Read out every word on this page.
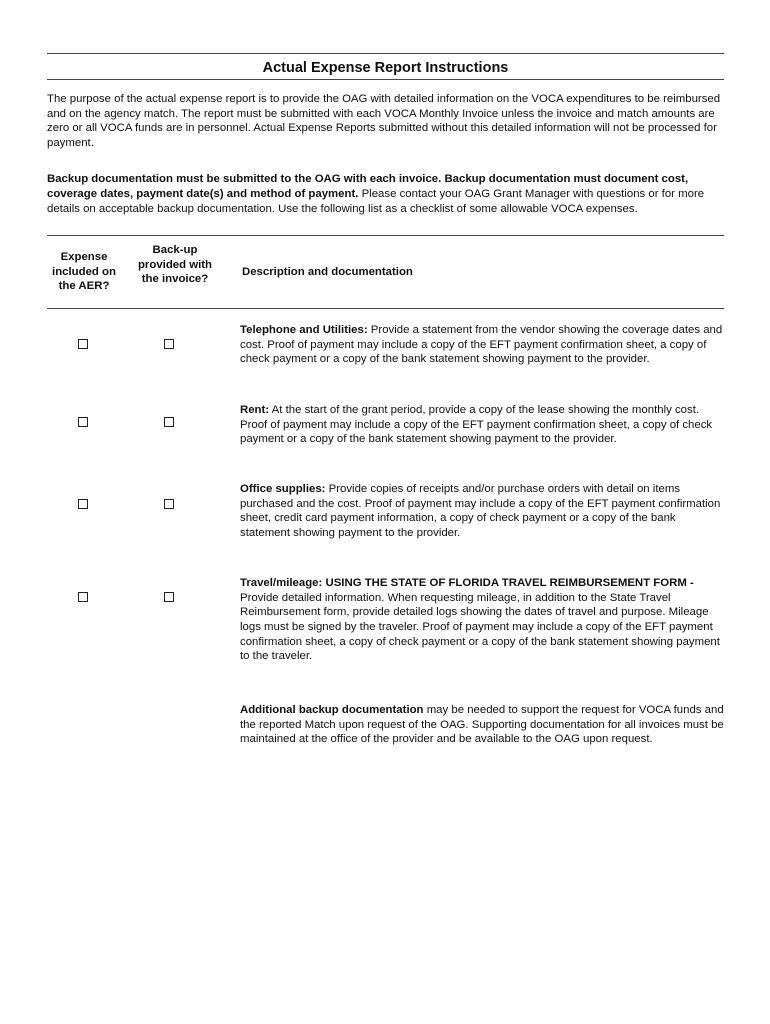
Actual Expense Report Instructions

The purpose of the actual expense report is to provide the OAG with detailed information on the VOCA expenditures to be reimbursed and on the agency match. The report must be submitted with each VOCA Monthly Invoice unless the invoice and match amounts are zero or all VOCA funds are in personnel. Actual Expense Reports submitted without this detailed information will not be processed for payment.

Backup documentation must be submitted to the OAG with each invoice. Backup documentation must document cost, coverage dates, payment date(s) and method of payment. Please contact your OAG Grant Manager with questions or for more details on acceptable backup documentation. Use the following list as a checklist of some allowable VOCA expenses.

Expense included on the AER?
Back-up provided with the invoice?
Description and documentation
Telephone and Utilities: Provide a statement from the vendor showing the coverage dates and cost. Proof of payment may include a copy of the EFT payment confirmation sheet, a copy of check payment or a copy of the bank statement showing payment to the provider.
Rent: At the start of the grant period, provide a copy of the lease showing the monthly cost. Proof of payment may include a copy of the EFT payment confirmation sheet, a copy of check payment or a copy of the bank statement showing payment to the provider.
Office supplies: Provide copies of receipts and/or purchase orders with detail on items purchased and the cost. Proof of payment may include a copy of the EFT payment confirmation sheet, credit card payment information, a copy of check payment or a copy of the bank statement showing payment to the provider.
Travel/mileage: USING THE STATE OF FLORIDA TRAVEL REIMBURSEMENT FORM - Provide detailed information. When requesting mileage, in addition to the State Travel Reimbursement form, provide detailed logs showing the dates of travel and purpose. Mileage logs must be signed by the traveler. Proof of payment may include a copy of the EFT payment confirmation sheet, a copy of check payment or a copy of the bank statement showing payment to the traveler.
Additional backup documentation may be needed to support the request for VOCA funds and the reported Match upon request of the OAG. Supporting documentation for all invoices must be maintained at the office of the provider and be available to the OAG upon request.
